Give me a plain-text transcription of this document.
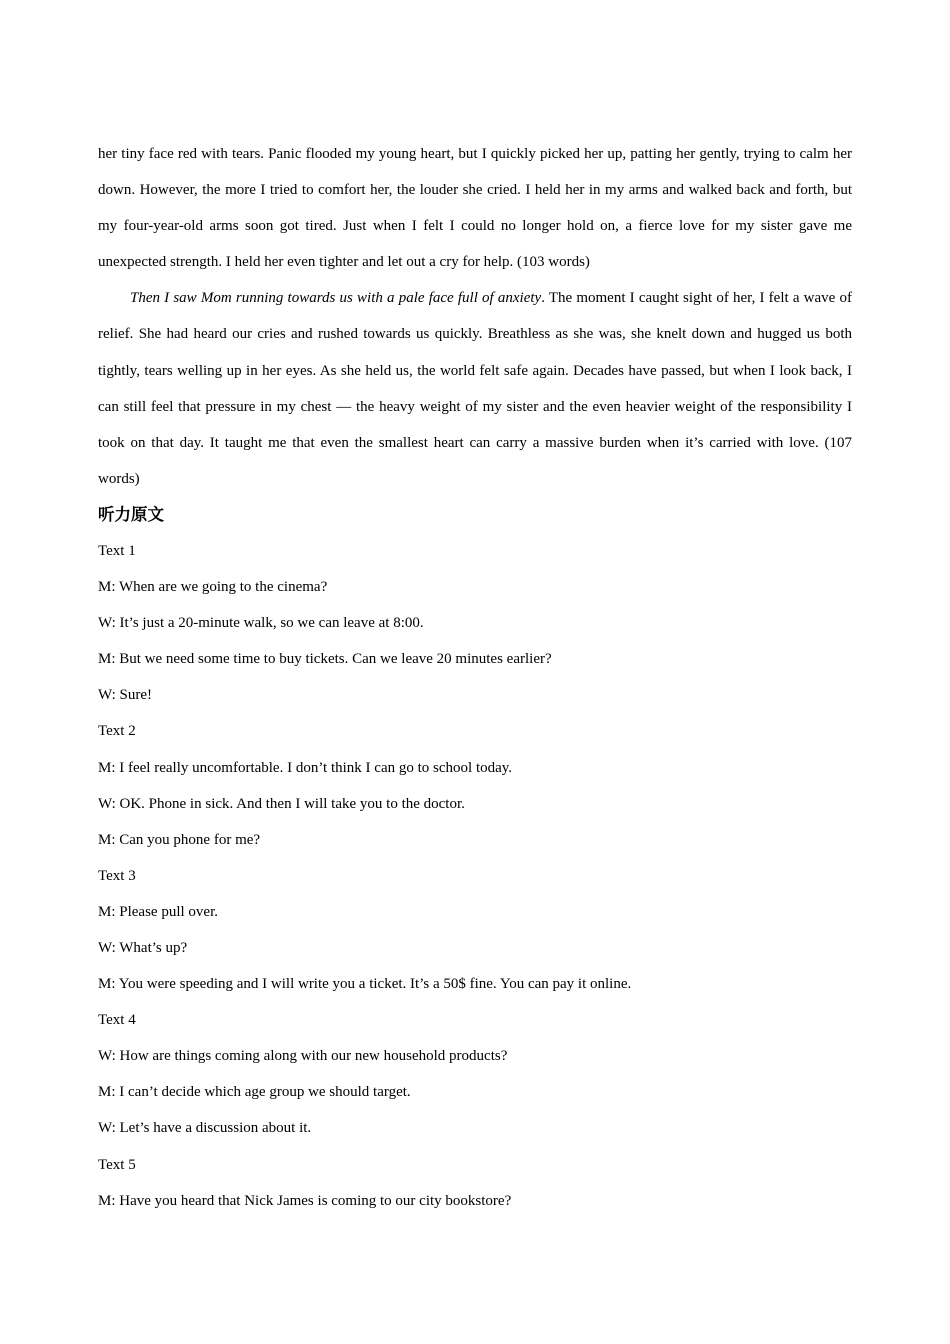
her tiny face red with tears. Panic flooded my young heart, but I quickly picked her up, patting her gently, trying to calm her down. However, the more I tried to comfort her, the louder she cried. I held her in my arms and walked back and forth, but my four-year-old arms soon got tired. Just when I felt I could no longer hold on, a fierce love for my sister gave me unexpected strength. I held her even tighter and let out a cry for help. (103 words)

Then I saw Mom running towards us with a pale face full of anxiety. The moment I caught sight of her, I felt a wave of relief. She had heard our cries and rushed towards us quickly. Breathless as she was, she knelt down and hugged us both tightly, tears welling up in her eyes. As she held us, the world felt safe again. Decades have passed, but when I look back, I can still feel that pressure in my chest — the heavy weight of my sister and the even heavier weight of the responsibility I took on that day. It taught me that even the smallest heart can carry a massive burden when it’s carried with love. (107 words)

听力原文

Text 1

M: When are we going to the cinema?

W: It’s just a 20-minute walk, so we can leave at 8:00.

M: But we need some time to buy tickets. Can we leave 20 minutes earlier?

W: Sure!

Text 2

M: I feel really uncomfortable. I don’t think I can go to school today.

W: OK. Phone in sick. And then I will take you to the doctor.

M: Can you phone for me?

Text 3

M: Please pull over.

W: What’s up?

M: You were speeding and I will write you a ticket. It’s a 50$ fine. You can pay it online.

Text 4

W: How are things coming along with our new household products?

M: I can’t decide which age group we should target.

W: Let’s have a discussion about it.

Text 5

M: Have you heard that Nick James is coming to our city bookstore?
